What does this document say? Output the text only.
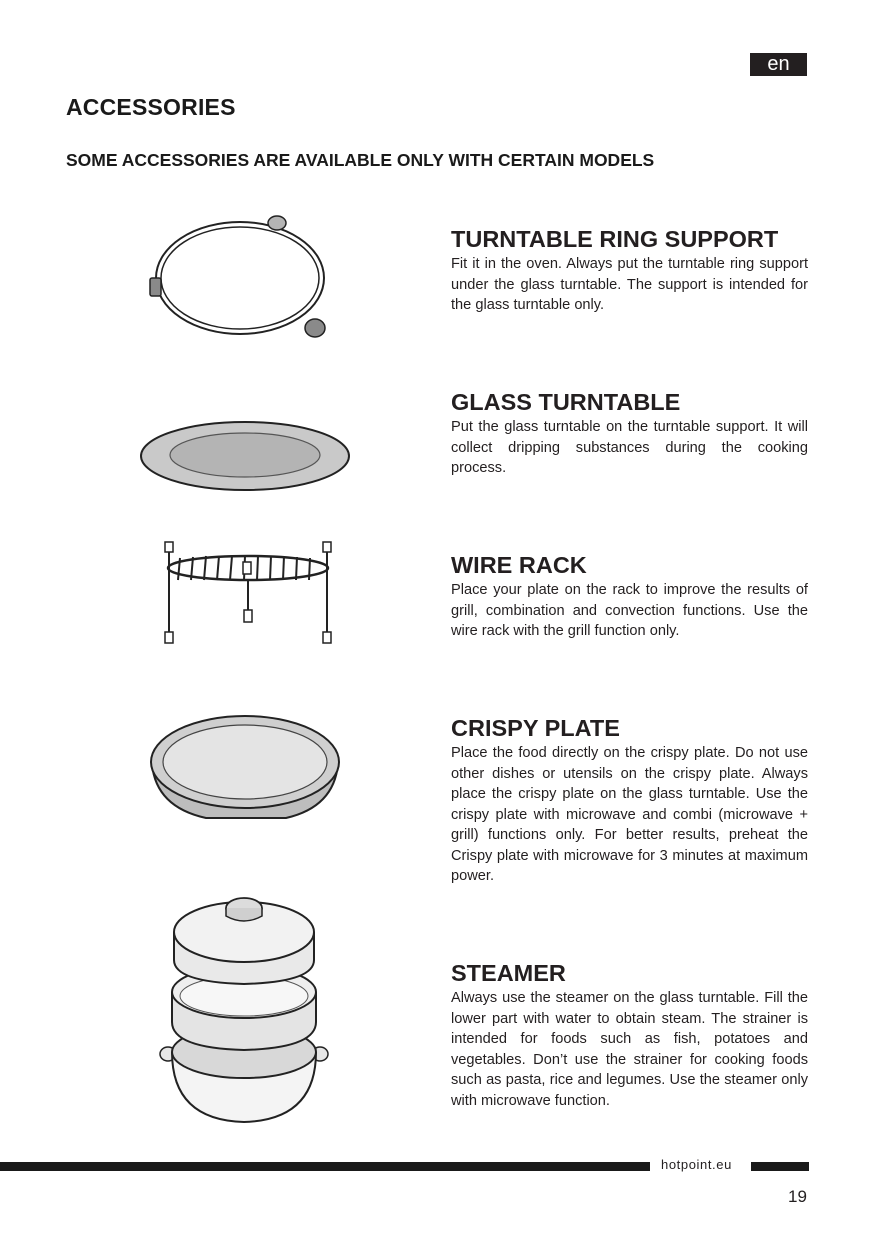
en
ACCESSORIES
SOME ACCESSORIES ARE AVAILABLE ONLY WITH CERTAIN MODELS
TURNTABLE RING SUPPORT

Fit it in the oven. Always put the turntable ring support under the glass turntable. The support is intended for the glass turntable only.

GLASS TURNTABLE

Put the glass turntable on the turntable support. It will collect dripping substances during the cooking process.

WIRE RACK

Place your plate on the rack to improve the results of grill, combination and convection functions. Use the wire rack with the grill function only.

CRISPY PLATE

Place the food directly on the crispy plate. Do not use other dishes or utensils on the crispy plate. Always place the crispy plate on the glass turntable. Use the crispy plate with microwave and combi (microwave + grill) functions only. For better results, preheat the Crispy plate with microwave for 3 minutes at maximum power.

STEAMER

Always use the steamer on the glass turntable. Fill the lower part with water to obtain steam. The strainer is intended for foods such as fish, potatoes and vegetables. Don’t use the strainer for cooking foods such as pasta, rice and legumes. Use the steamer only with microwave function.

hotpoint.eu
19
